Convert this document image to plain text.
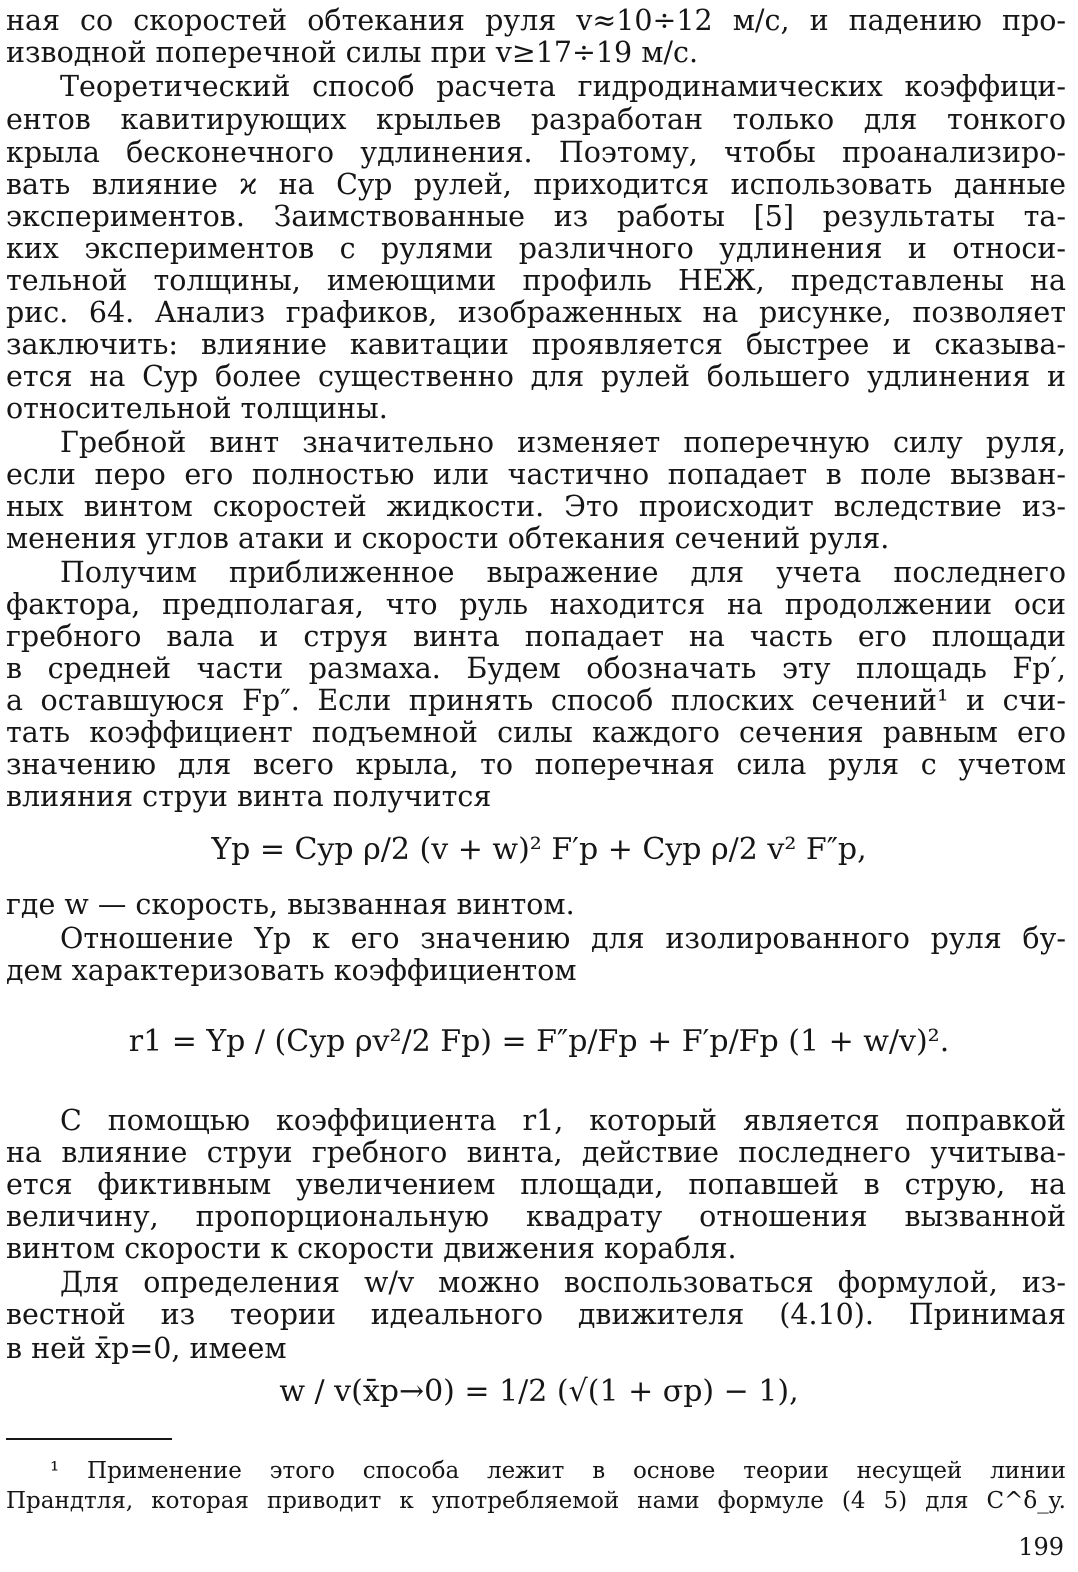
ная со скоростей обтекания руля v≈10÷12 м/с, и падению про-
изводной поперечной силы при v≥17÷19 м/с.
Теоретический способ расчета гидродинамических коэффици-
ентов кавитирующих крыльев разработан только для тонкого
крыла бесконечного удлинения. Поэтому, чтобы проанализиро-
вать влияние ϰ на Cyp рулей, приходится использовать данные
экспериментов. Заимствованные из работы [5] результаты та-
ких экспериментов с рулями различного удлинения и относи-
тельной толщины, имеющими профиль НЕЖ, представлены на
рис. 64. Анализ графиков, изображенных на рисунке, позволяет
заключить: влияние кавитации проявляется быстрее и сказыва-
ется на Cyp более существенно для рулей большего удлинения и
относительной толщины.
Гребной винт значительно изменяет поперечную силу руля,
если перо его полностью или частично попадает в поле вызван-
ных винтом скоростей жидкости. Это происходит вследствие из-
менения углов атаки и скорости обтекания сечений руля.
Получим приближенное выражение для учета последнего
фактора, предполагая, что руль находится на продолжении оси
гребного вала и струя винта попадает на часть его площади
в средней части размаха. Будем обозначать эту площадь Fp′,
а оставшуюся Fp″. Если принять способ плоских сечений¹ и счи-
тать коэффициент подъемной силы каждого сечения равным его
значению для всего крыла, то поперечная сила руля с учетом
влияния струи винта получится
Yp = Cyp ρ/2 (v + w)² F′p + Cyp ρ/2 v² F″p,
где w — скорость, вызванная винтом.
Отношение Yp к его значению для изолированного руля бу-
дем характеризовать коэффициентом
r1 = Yp / (Cyp ρv²/2 Fp) = F″p/Fp + F′p/Fp (1 + w/v)².
С помощью коэффициента r1, который является поправкой
на влияние струи гребного винта, действие последнего учитыва-
ется фиктивным увеличением площади, попавшей в струю, на
величину, пропорциональную квадрату отношения вызванной
винтом скорости к скорости движения корабля.
Для определения w/v можно воспользоваться формулой, из-
вестной из теории идеального движителя (4.10). Принимая
в ней x̄p=0, имеем
w / v(x̄p→0) = 1/2 (√(1 + σp) − 1),
¹ Применение этого способа лежит в основе теории несущей линии
Прандтля, которая приводит к употребляемой нами формуле (4 5) для C^δ_y.
199
